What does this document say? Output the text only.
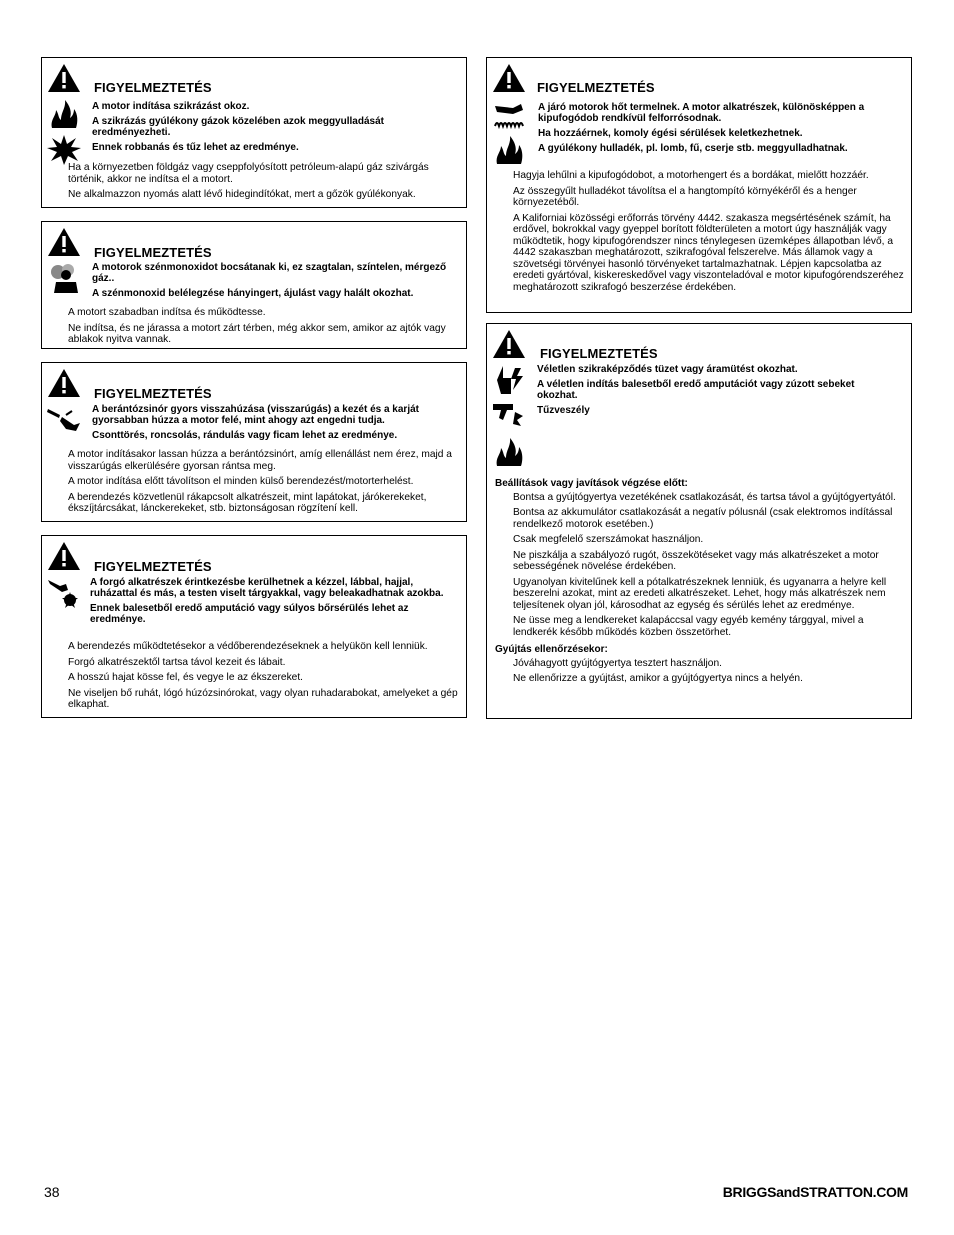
FIGYELMEZTETÉS

A motor indítása szikrázást okoz.

A szikrázás gyúlékony gázok közelében azok meggyulladását eredményezheti.

Ennek robbanás és tűz lehet az eredménye.

Ha a környezetben földgáz vagy cseppfolyósított petróleum-alapú gáz szivárgás történik, akkor ne indítsa el a motort.

Ne alkalmazzon nyomás alatt lévő hidegindítókat, mert a gőzök gyúlékonyak.

FIGYELMEZTETÉS

A motorok szénmonoxidot bocsátanak ki, ez szagtalan, színtelen, mérgező gáz..

A szénmonoxid belélegzése hányingert, ájulást vagy halált okozhat.

A motort szabadban indítsa és működtesse.

Ne indítsa, és ne járassa a motort zárt térben, még akkor sem, amikor az ajtók vagy ablakok nyitva vannak.

FIGYELMEZTETÉS

A berántózsinór gyors visszahúzása (visszarúgás) a kezét és a karját gyorsabban húzza a motor felé, mint ahogy azt engedni tudja.

Csonttörés, roncsolás, rándulás vagy ficam lehet az eredménye.

A motor indításakor lassan húzza a berántózsinórt, amíg ellenállást nem érez, majd a visszarúgás elkerülésére gyorsan rántsa meg.

A motor indítása előtt távolítson el minden külső berendezést/motorterhelést.

A berendezés közvetlenül rákapcsolt alkatrészeit, mint lapátokat, járókerekeket, ékszíjtárcsákat, lánckerekeket, stb. biztonságosan rögzítení kell.

FIGYELMEZTETÉS

A forgó alkatrészek érintkezésbe kerülhetnek a kézzel, lábbal, hajjal, ruházattal és más, a testen viselt tárgyakkal, vagy beleakadhatnak azokba.

Ennek balesetből eredő amputáció vagy súlyos bőrsérülés lehet az eredménye.

A berendezés működtetésekor a védőberendezéseknek a helyükön kell lenniük.

Forgó alkatrészektől tartsa távol kezeit és lábait.

A hosszú hajat kösse fel, és vegye le az ékszereket.

Ne viseljen bő ruhát, lógó húzózsinórokat, vagy olyan ruhadarabokat, amelyeket a gép elkaphat.

FIGYELMEZTETÉS

A járó motorok hőt termelnek. A motor alkatrészek, különösképpen a kipufogódob rendkívül felforrósodnak.

Ha hozzáérnek, komoly égési sérülések keletkezhetnek.

A gyúlékony hulladék, pl. lomb, fű, cserje stb. meggyulladhatnak.

Hagyja lehűlni a kipufogódobot, a motorhengert és a bordákat, mielőtt hozzáér.

Az összegyűlt hulladékot távolítsa el a hangtompító környékéről és a henger környezetéből.

A Kaliforniai közösségi erőforrás törvény 4442. szakasza megsértésének számít, ha erdővel, bokrokkal vagy gyeppel borított földterületen a motort úgy használják vagy működtetik, hogy kipufogórendszer nincs ténylegesen üzemképes állapotban lévő, a 4442 szakaszban meghatározott, szikrafogóval felszerelve. Más államok vagy a szövetségi törvényei hasonló törvényeket tartalmazhatnak. Lépjen kapcsolatba az eredeti gyártóval, kiskereskedővel vagy viszonteladóval e motor kipufogórendszeréhez meghatározott szikrafogó beszerzése érdekében.

FIGYELMEZTETÉS

Véletlen szikraképződés tüzet vagy áramütést okozhat.

A véletlen indítás balesetből eredő amputációt vagy zúzott sebeket okozhat.

Tűzveszély

Beállítások vagy javítások végzése előtt:

Bontsa a gyújtógyertya vezetékének csatlakozását, és tartsa távol a gyújtógyertyától.

Bontsa az akkumulátor csatlakozását a negatív pólusnál (csak elektromos indítással rendelkező motorok esetében.)

Csak megfelelő szerszámokat használjon.

Ne piszkálja a szabályozó rugót, összekötéseket vagy más alkatrészeket a motor sebességének növelése érdekében.

Ugyanolyan kivitelűnek kell a pótalkatrészeknek lenniük, és ugyanarra a helyre kell beszerelni azokat, mint az eredeti alkatrészeket. Lehet, hogy más alkatrészek nem teljesítenek olyan jól, károsodhat az egység és sérülés lehet az eredménye.

Ne üsse meg a lendkereket kalapáccsal vagy egyéb kemény tárggyal, mivel a lendkerék később működés közben összetörhet.

Gyújtás ellenőrzésekor:

Jóváhagyott gyújtógyertya tesztert használjon.

Ne ellenőrizze a gyújtást, amikor a gyújtógyertya nincs a helyén.

38	BRIGGSandSTRATTON.COM
